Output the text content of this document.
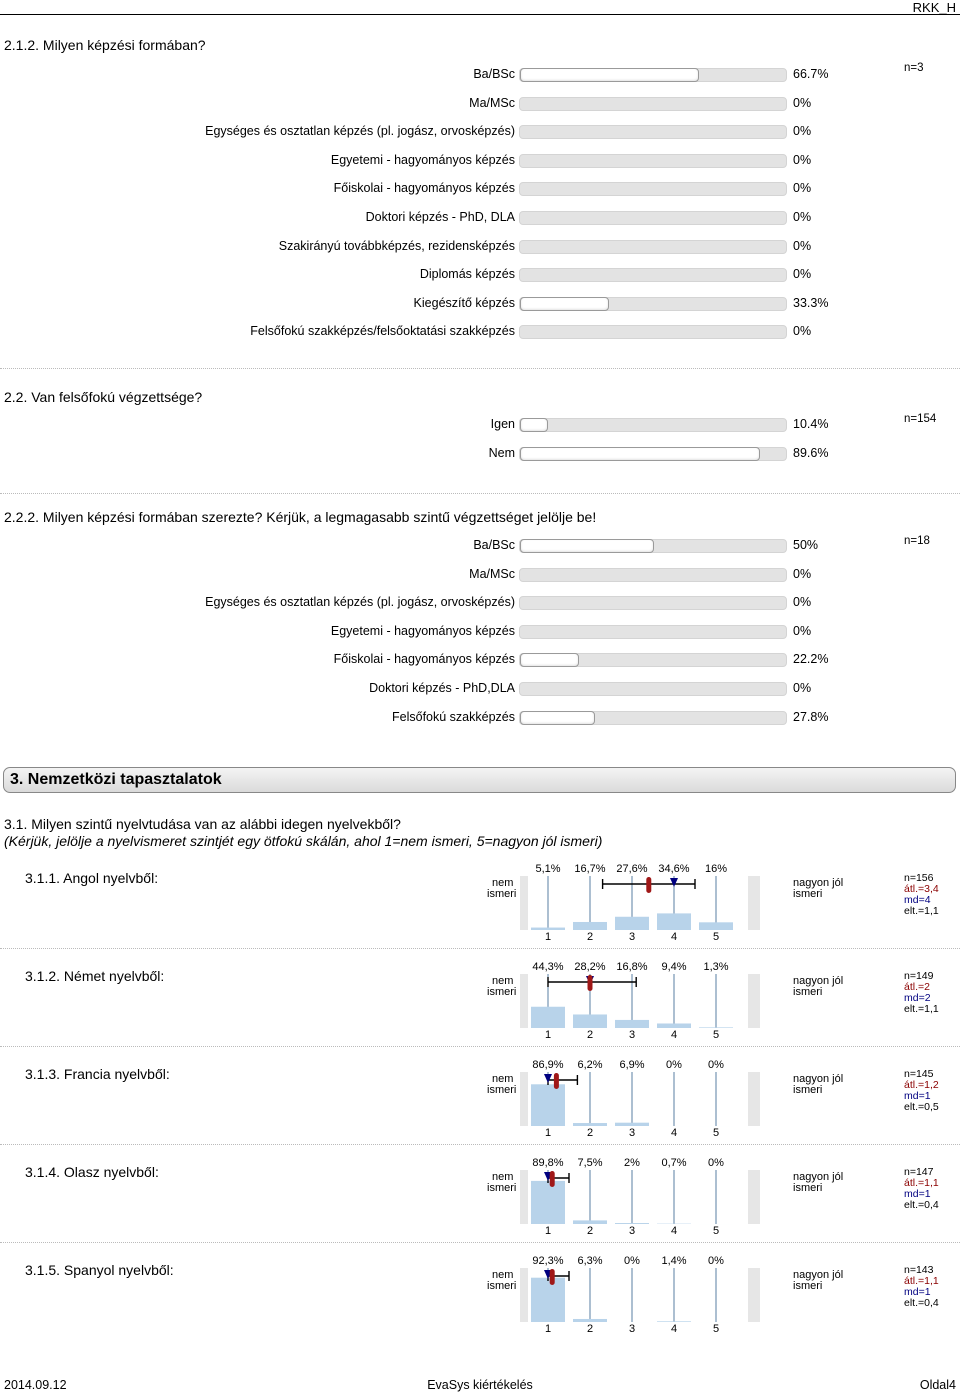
RKK_H
2.1.2. Milyen képzési formában?
n=3
Ba/BSc	66.7%
Ma/MSc	0%
Egységes és osztatlan képzés (pl. jogász, orvosképzés)	0%
Egyetemi - hagyományos képzés	0%
Főiskolai - hagyományos képzés	0%
Doktori képzés - PhD, DLA	0%
Szakirányú továbbképzés, rezidensképzés	0%
Diplomás képzés	0%
Kiegészítő képzés	33.3%
Felsőfokú szakképzés/felsőoktatási szakképzés	0%
2.2. Van felsőfokú végzettsége?
n=154
Igen	10.4%
Nem	89.6%
2.2.2. Milyen képzési formában szerezte? Kérjük, a legmagasabb szintű végzettséget jelölje be!
n=18
Ba/BSc	50%
Ma/MSc	0%
Egységes és osztatlan képzés (pl. jogász, orvosképzés)	0%
Egyetemi - hagyományos képzés	0%
Főiskolai - hagyományos képzés	22.2%
Doktori képzés - PhD,DLA	0%
Felsőfokú szakképzés	27.8%
3.1. Milyen szintű nyelvtudása van az alábbi idegen nyelvekből?
(Kérjük, jelölje a nyelvismeret szintjét egy ötfokú skálán, ahol 1=nem ismeri, 5=nagyon jól ismeri)
3.1.1. Angol nyelvből:	nem
ismeri
nagyon jól
ismeri
5,1%	16,7% 27,6% 34,6%	16%
1	2	3	4	5
n=156
átl.=3,4
md=4
elt.=1,1
3.1.2. Német nyelvből:	nem
ismeri
nagyon jól
ismeri
44,3% 28,2% 16,8%	9,4%	1,3%
1	2	3	4	5
n=149
átl.=2
md=2
elt.=1,1
3.1.3. Francia nyelvből:	nem
ismeri
nagyon jól
ismeri
86,9%	6,2%	6,9%	0%	0%
1	2	3	4	5
n=145
átl.=1,2
md=1
elt.=0,5
3.1.4. Olasz nyelvből:	nem
ismeri
nagyon jól
ismeri
89,8%	7,5%	2%	0,7%	0%
1	2	3	4	5
n=147
átl.=1,1
md=1
elt.=0,4
3.1.5. Spanyol nyelvből:	nem
ismeri
nagyon jól
ismeri
92,3%	6,3%	0%	1,4%	0%
1	2	3	4	5
n=143
átl.=1,1
md=1
elt.=0,4
3. Nemzetközi tapasztalatok
2014.09.12	EvaSys kiértékelés	Oldal4
